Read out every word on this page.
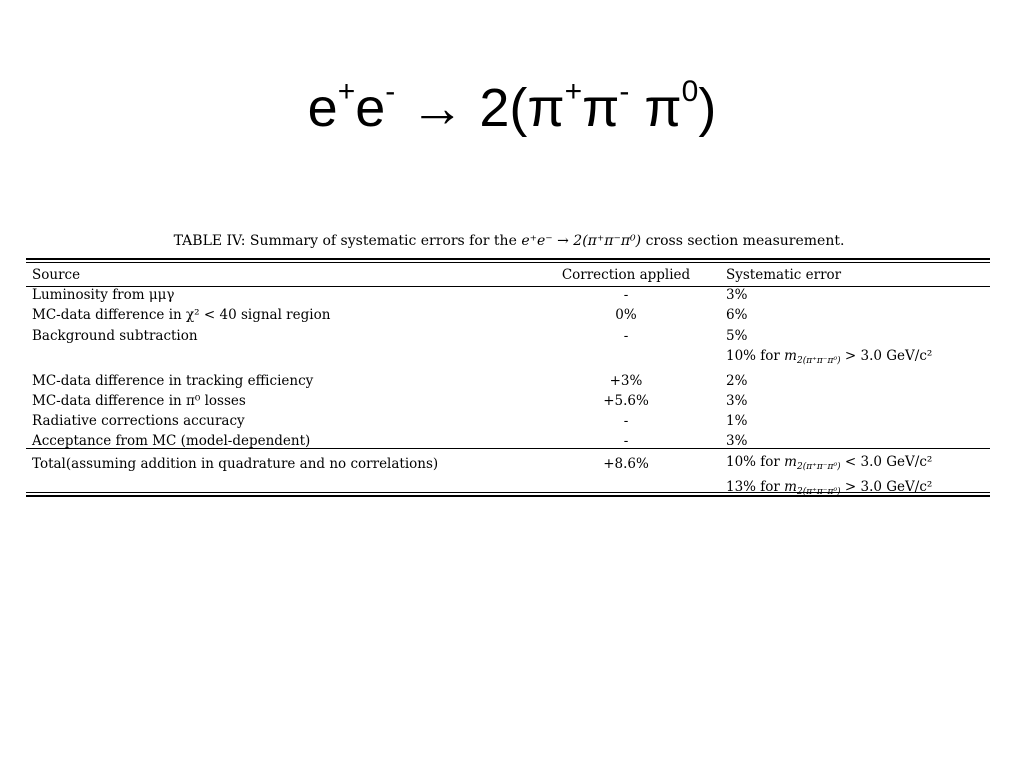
e+e- → 2(π+π- $\pi^0$)
TABLE IV: Summary of systematic errors for the e⁺e⁻ → 2(π⁺π⁻π⁰) cross section measurement.
Source	Correction applied	Systematic error
Luminosity from μμγ	-	3%
MC-data difference in χ² < 40 signal region	0%	6%
Background subtraction	-	5%
		10% for $m_{2(\pi^+\pi^-\pi^0)} > 3.0$ GeV/c²
MC-data difference in tracking efficiency	+3%	2%
MC-data difference in π⁰ losses	+5.6%	3%
Radiative corrections accuracy	-	1%
Acceptance from MC (model-dependent)	-	3%
Total(assuming addition in quadrature and no correlations)	+8.6%	10% for $m_{2(\pi^+\pi^-\pi^0)} < 3.0$ GeV/c²
		13% for $m_{2(\pi^+\pi^-\pi^0)} > 3.0$ GeV/c²
